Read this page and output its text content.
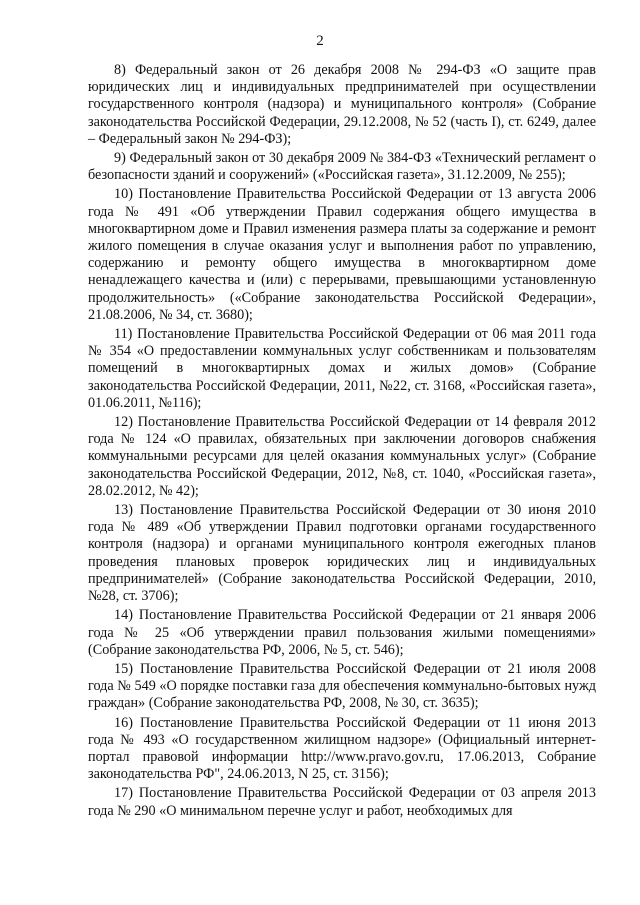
2

8) Федеральный закон от 26 декабря 2008 № 294-ФЗ «О защите прав юридических лиц и индивидуальных предпринимателей при осуществлении государственного контроля (надзора) и муниципального контроля» (Собрание законодательства Российской Федерации, 29.12.2008, № 52 (часть I), ст. 6249, далее – Федеральный закон № 294-ФЗ);

9) Федеральный закон от 30 декабря 2009 № 384-ФЗ «Технический регламент о безопасности зданий и сооружений» («Российская газета», 31.12.2009, № 255);

10) Постановление Правительства Российской Федерации от 13 августа 2006 года № 491 «Об утверждении Правил содержания общего имущества в многоквартирном доме и Правил изменения размера платы за содержание и ремонт жилого помещения в случае оказания услуг и выполнения работ по управлению, содержанию и ремонту общего имущества в многоквартирном доме ненадлежащего качества и (или) с перерывами, превышающими установленную продолжительность» («Собрание законодательства Российской Федерации», 21.08.2006, № 34, ст. 3680);

11) Постановление Правительства Российской Федерации от 06 мая 2011 года № 354 «О предоставлении коммунальных услуг собственникам и пользователям помещений в многоквартирных домах и жилых домов» (Собрание законодательства Российской Федерации, 2011, №22, ст. 3168, «Российская газета», 01.06.2011, №116);

12) Постановление Правительства Российской Федерации от 14 февраля 2012 года № 124 «О правилах, обязательных при заключении договоров снабжения коммунальными ресурсами для целей оказания коммунальных услуг» (Собрание законодательства Российской Федерации, 2012, №8, ст. 1040, «Российская газета», 28.02.2012, № 42);

13) Постановление Правительства Российской Федерации от 30 июня 2010 года № 489 «Об утверждении Правил подготовки органами государственного контроля (надзора) и органами муниципального контроля ежегодных планов проведения плановых проверок юридических лиц и индивидуальных предпринимателей» (Собрание законодательства Российской Федерации, 2010, №28, ст. 3706);

14) Постановление Правительства Российской Федерации от 21 января 2006 года № 25 «Об утверждении правил пользования жилыми помещениями» (Собрание законодательства РФ, 2006, № 5, ст. 546);

15) Постановление Правительства Российской Федерации от 21 июля 2008 года № 549 «О порядке поставки газа для обеспечения коммунально-бытовых нужд граждан» (Собрание законодательства РФ, 2008, № 30, ст. 3635);

16) Постановление Правительства Российской Федерации от 11 июня 2013 года № 493 «О государственном жилищном надзоре» (Официальный интернет-портал правовой информации http://www.pravo.gov.ru, 17.06.2013, Собрание законодательства РФ", 24.06.2013, N 25, ст. 3156);

17) Постановление Правительства Российской Федерации от 03 апреля 2013 года № 290 «О минимальном перечне услуг и работ, необходимых для
